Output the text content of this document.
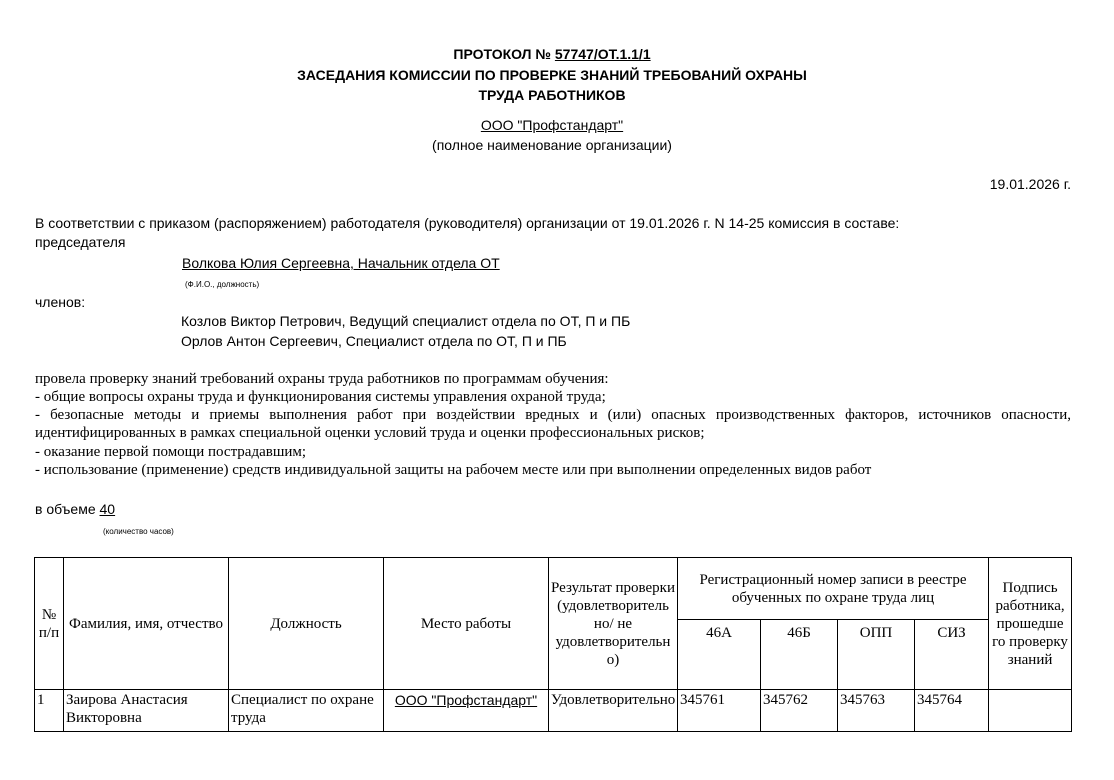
ПРОТОКОЛ № 57747/ОТ.1.1/1
ЗАСЕДАНИЯ КОМИССИИ ПО ПРОВЕРКЕ ЗНАНИЙ ТРЕБОВАНИЙ ОХРАНЫ
ТРУДА РАБОТНИКОВ
ООО "Профстандарт"
(полное наименование организации)
19.01.2026 г.
В соответствии с приказом (распоряжением) работодателя (руководителя) организации от 19.01.2026 г. N 14-25 комиссия в составе:
председателя
Волкова Юлия Сергеевна, Начальник отдела ОТ
(Ф.И.О., должность)
членов:
Козлов Виктор Петрович, Ведущий специалист отдела по ОТ, П и ПБ
Орлов Антон Сергеевич, Специалист отдела по ОТ, П и ПБ
провела проверку знаний требований охраны труда работников по программам обучения:
- общие вопросы охраны труда и функционирования системы управления охраной труда;
- безопасные методы и приемы выполнения работ при воздействии вредных и (или) опасных производственных факторов, источников опасности,
идентифицированных в рамках специальной оценки условий труда и оценки профессиональных рисков;
- оказание первой помощи пострадавшим;
- использование (применение) средств индивидуальной защиты на рабочем месте или при выполнении определенных видов работ
в объеме 40
(количество часов)
№ п/п	Фамилия, имя, отчество	Должность	Место работы	Результат проверки (удовлетворитель но/ не удовлетворительн о)	Регистрационный номер записи в реестре обученных по охране труда лиц				Подпись работника, прошедше го проверку знаний
					46А	46Б	ОПП	СИЗ	
1	Заирова Анастасия Викторовна	Специалист по охране труда	ООО "Профстандарт"	Удовлетворительно	345761	345762	345763	345764	
